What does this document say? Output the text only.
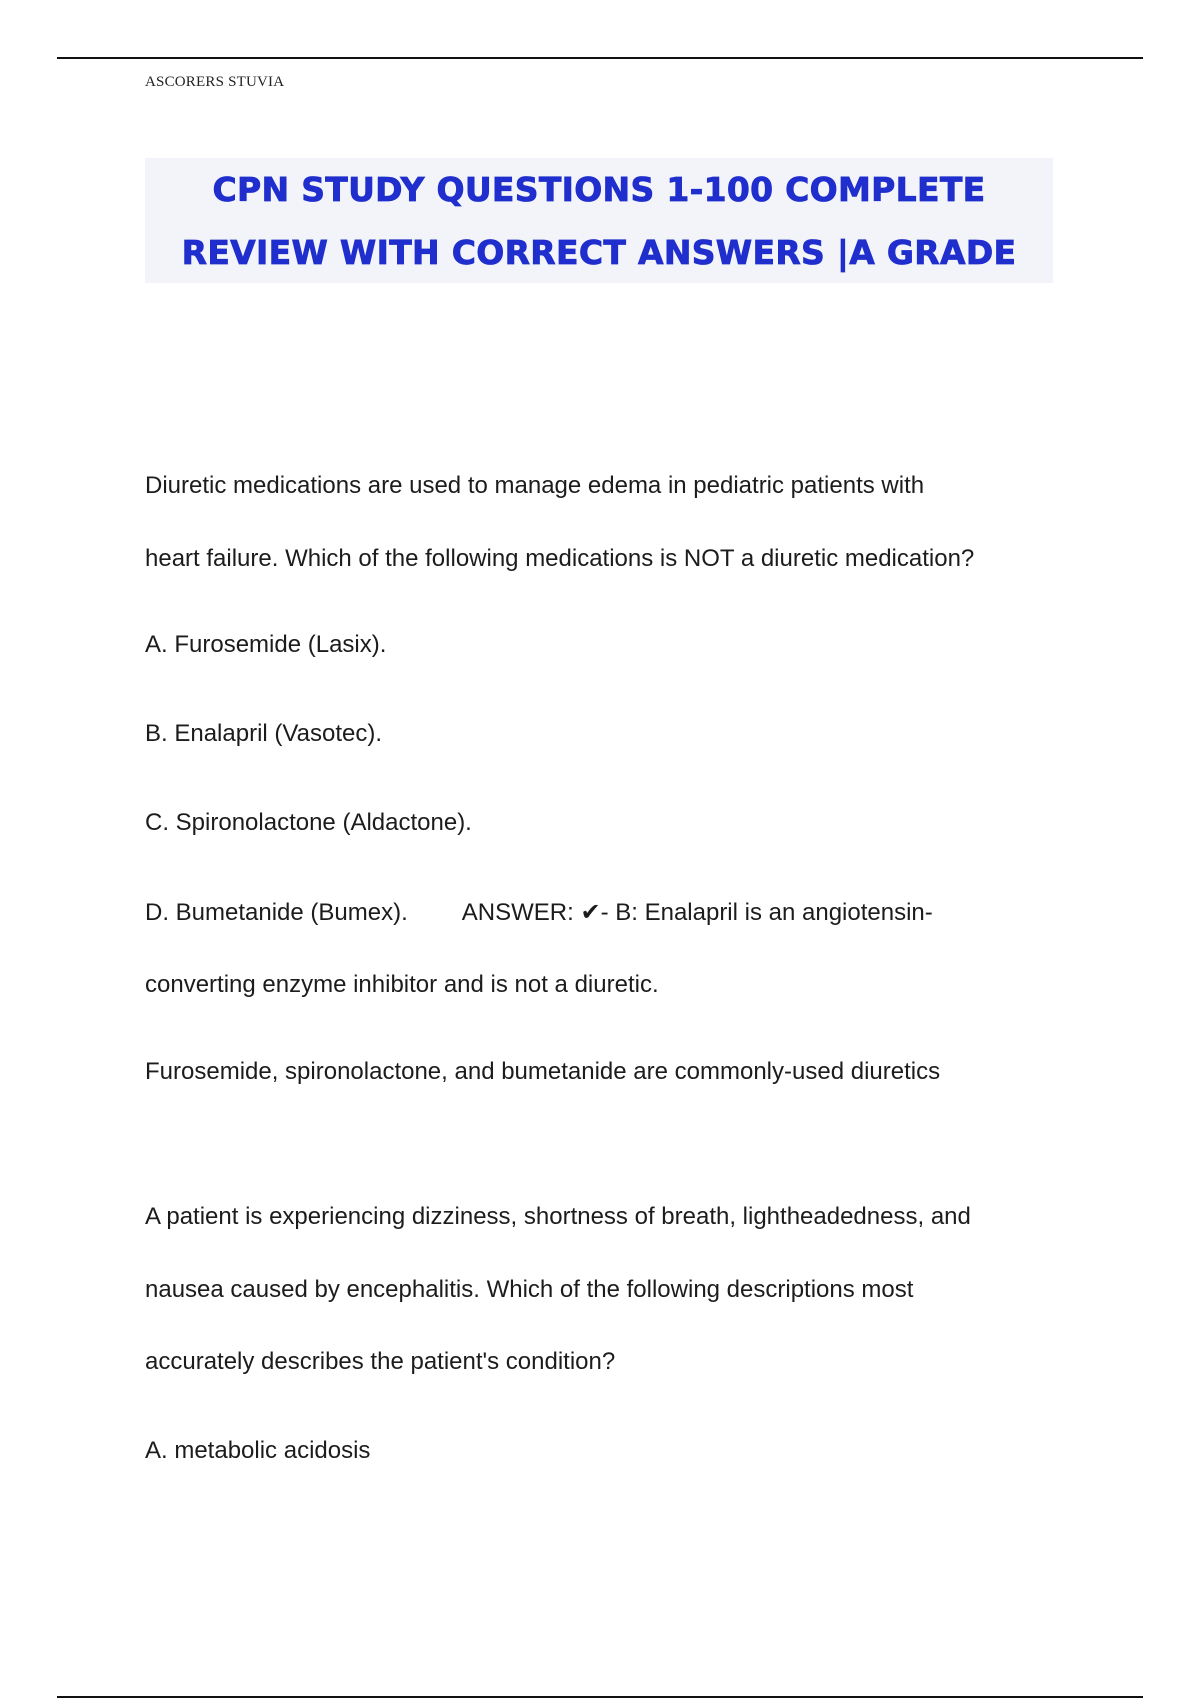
ASCORERS STUVIA
CPN STUDY QUESTIONS 1-100 COMPLETE
REVIEW WITH CORRECT ANSWERS |A GRADE
Diuretic medications are used to manage edema in pediatric patients with
heart failure. Which of the following medications is NOT a diuretic medication?
A. Furosemide (Lasix).
B. Enalapril (Vasotec).
C. Spironolactone (Aldactone).
D. Bumetanide (Bumex). ANSWER: ✔- B: Enalapril is an angiotensin-
converting enzyme inhibitor and is not a diuretic.
Furosemide, spironolactone, and bumetanide are commonly-used diuretics
A patient is experiencing dizziness, shortness of breath, lightheadedness, and
nausea caused by encephalitis. Which of the following descriptions most
accurately describes the patient's condition?
A. metabolic acidosis
